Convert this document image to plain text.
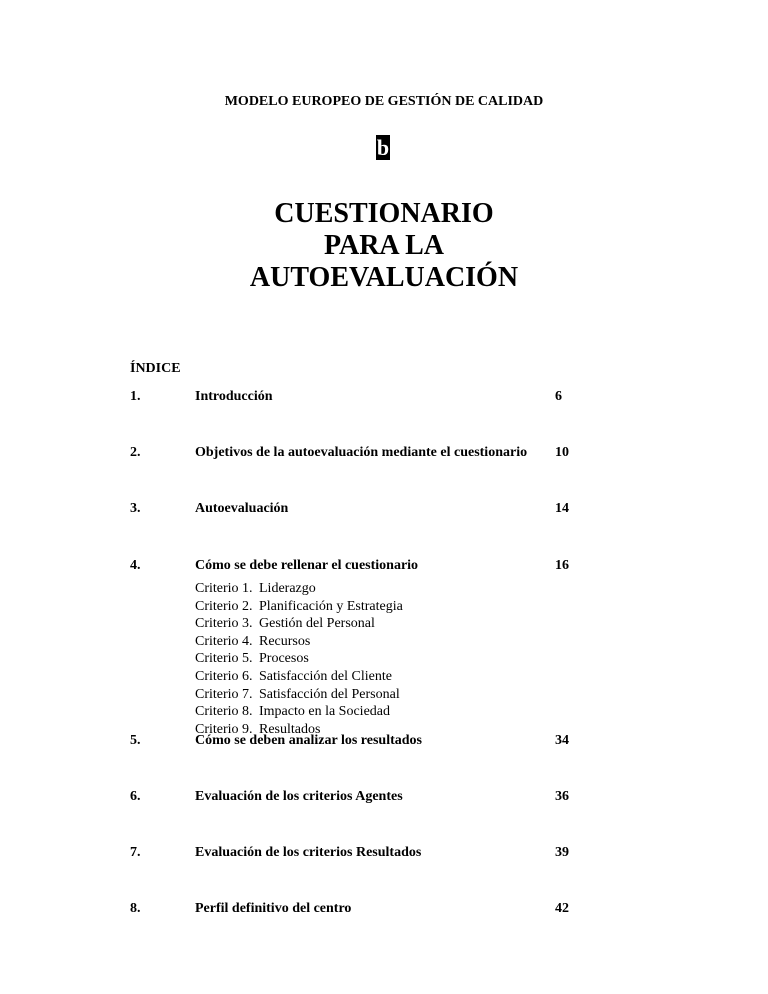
MODELO EUROPEO DE GESTIÓN DE CALIDAD
b
CUESTIONARIO
PARA LA
AUTOEVALUACIÓN
ÍNDICE
1.	Introducción	6
2.	Objetivos de la autoevaluación mediante el cuestionario 10
3.	Autoevaluación	14
4.	Cómo se debe rellenar el cuestionario	16
5.	Cómo se deben analizar los resultados	34
6.	Evaluación de los criterios Agentes	36
7.	Evaluación de los criterios Resultados	39
8.	Perfil definitivo del centro	42
Criterio 1. Liderazgo
Criterio 2. Planificación y Estrategia
Criterio 3. Gestión del Personal
Criterio 4. Recursos
Criterio 5. Procesos
Criterio 6. Satisfacción del Cliente
Criterio 7. Satisfacción del Personal
Criterio 8. Impacto en la Sociedad
Criterio 9. Resultados
